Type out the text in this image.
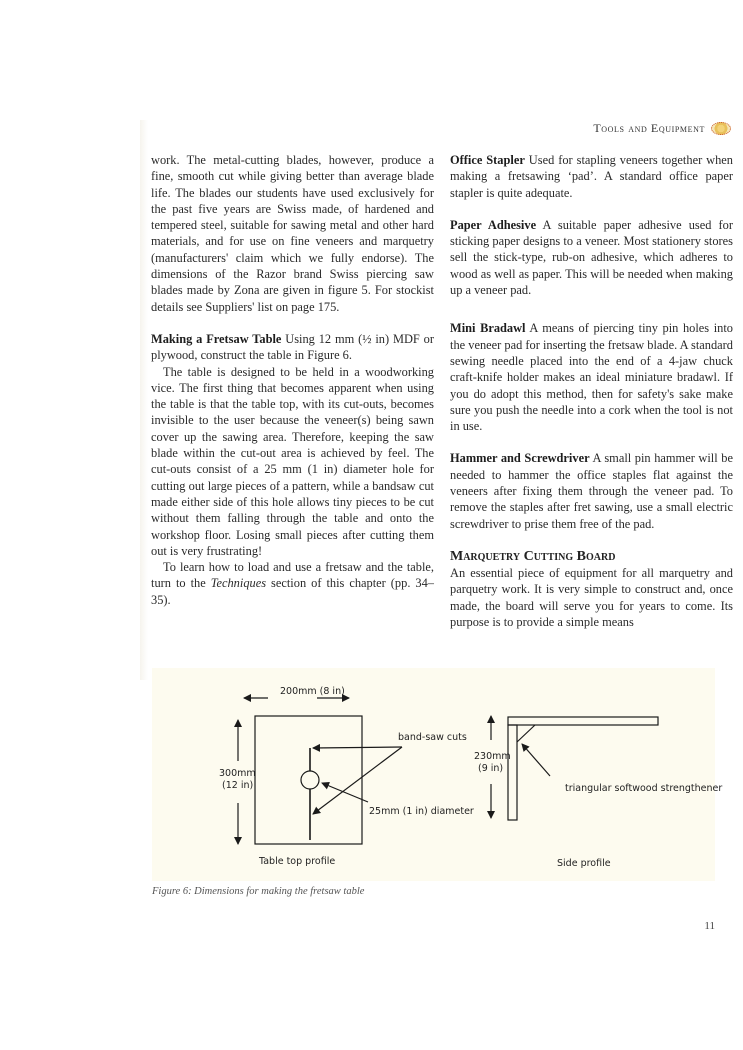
Tools and Equipment

work. The metal-cutting blades, however, produce a fine, smooth cut while giving better than average blade life. The blades our students have used exclusively for the past five years are Swiss made, of hardened and tempered steel, suitable for sawing metal and other hard materials, and for use on fine veneers and marquetry (manufacturers' claim which we fully endorse). The dimensions of the Razor brand Swiss piercing saw blades made by Zona are given in figure 5. For stockist details see Suppliers' list on page 175.

Making a Fretsaw Table Using 12 mm (½ in) MDF or plywood, construct the table in Figure 6.

The table is designed to be held in a woodworking vice. The first thing that becomes apparent when using the table is that the table top, with its cut-outs, becomes invisible to the user because the veneer(s) being sawn cover up the sawing area. Therefore, keeping the saw blade within the cut-out area is achieved by feel. The cut-outs consist of a 25 mm (1 in) diameter hole for cutting out large pieces of a pattern, while a bandsaw cut made either side of this hole allows tiny pieces to be cut without them falling through the table and onto the workshop floor. Losing small pieces after cutting them out is very frustrating!

To learn how to load and use a fretsaw and the table, turn to the Techniques section of this chapter (pp. 34–35).

Office Stapler Used for stapling veneers together when making a fretsawing ‘pad’. A standard office paper stapler is quite adequate.

Paper Adhesive A suitable paper adhesive used for sticking paper designs to a veneer. Most stationery stores sell the stick-type, rub-on adhesive, which adheres to wood as well as paper. This will be needed when making up a veneer pad.

Mini Bradawl A means of piercing tiny pin holes into the veneer pad for inserting the fretsaw blade. A standard sewing needle placed into the end of a 4-jaw chuck craft-knife holder makes an ideal miniature bradawl. If you do adopt this method, then for safety's sake make sure you push the needle into a cork when the tool is not in use.

Hammer and Screwdriver A small pin hammer will be needed to hammer the office staples flat against the veneers after fixing them through the veneer pad. To remove the staples after fret sawing, use a small electric screwdriver to prise them free of the pad.

Marquetry Cutting Board

An essential piece of equipment for all marquetry and parquetry work. It is very simple to construct and, once made, the board will serve you for years to come. Its purpose is to provide a simple means

200mm (8 in)
300mm
(12 in)
band-saw cuts
25mm (1 in) diameter
Table top profile
230mm
(9 in)
triangular softwood strengthener
Side profile
Figure 6: Dimensions for making the fretsaw table
11
